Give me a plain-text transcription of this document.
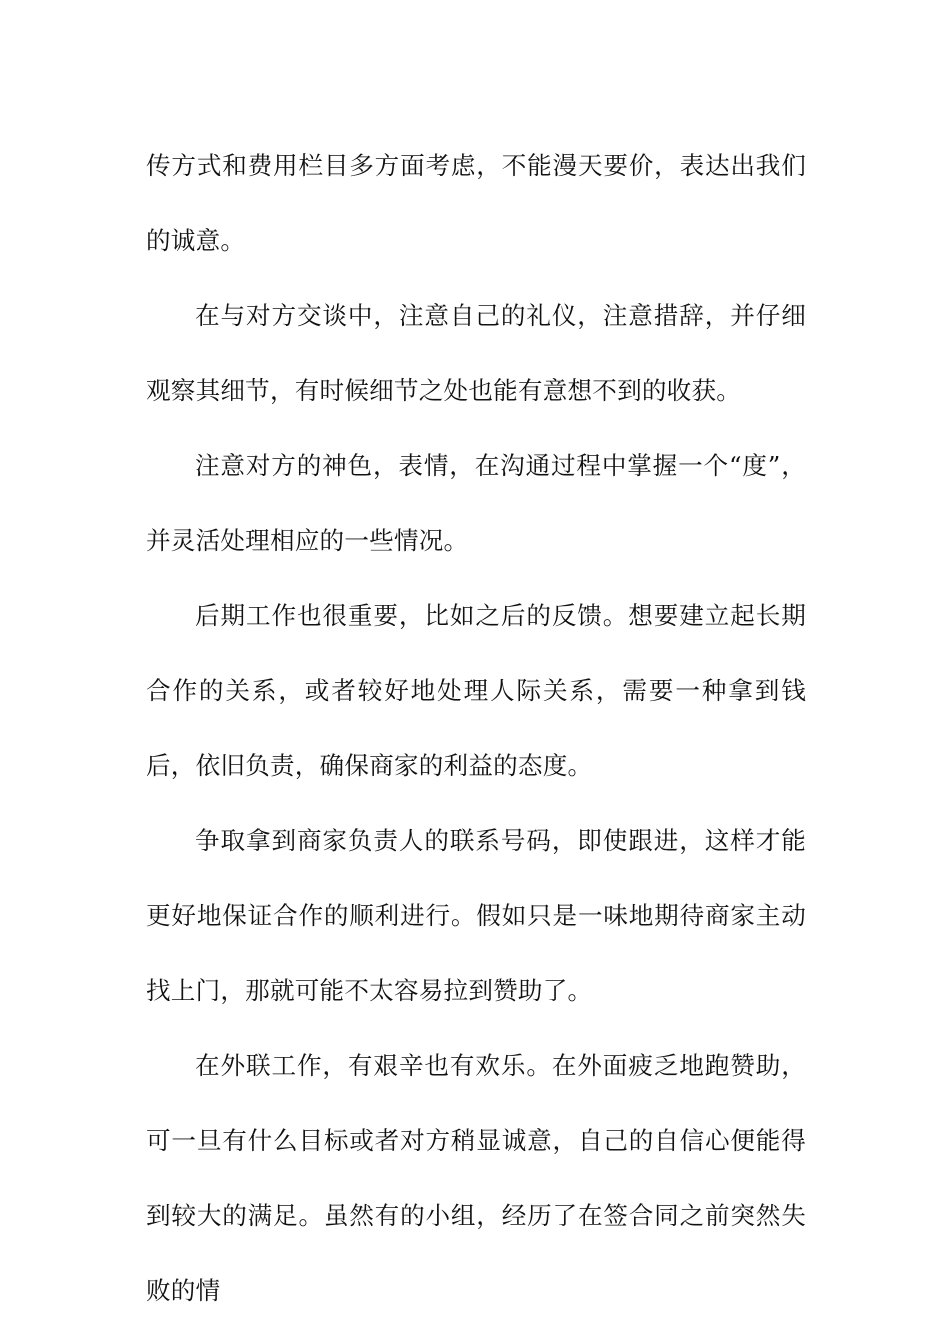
传方式和费用栏目多方面考虑，不能漫天要价，表达出我们的诚意。

在与对方交谈中，注意自己的礼仪，注意措辞，并仔细观察其细节，有时候细节之处也能有意想不到的收获。

注意对方的神色，表情，在沟通过程中掌握一个“度”，并灵活处理相应的一些情况。

后期工作也很重要，比如之后的反馈。想要建立起长期合作的关系，或者较好地处理人际关系，需要一种拿到钱后，依旧负责，确保商家的利益的态度。

争取拿到商家负责人的联系号码，即使跟进，这样才能更好地保证合作的顺利进行。假如只是一味地期待商家主动找上门，那就可能不太容易拉到赞助了。

在外联工作，有艰辛也有欢乐。在外面疲乏地跑赞助，可一旦有什么目标或者对方稍显诚意，自己的自信心便能得到较大的满足。虽然有的小组，经历了在签合同之前突然失败的情
